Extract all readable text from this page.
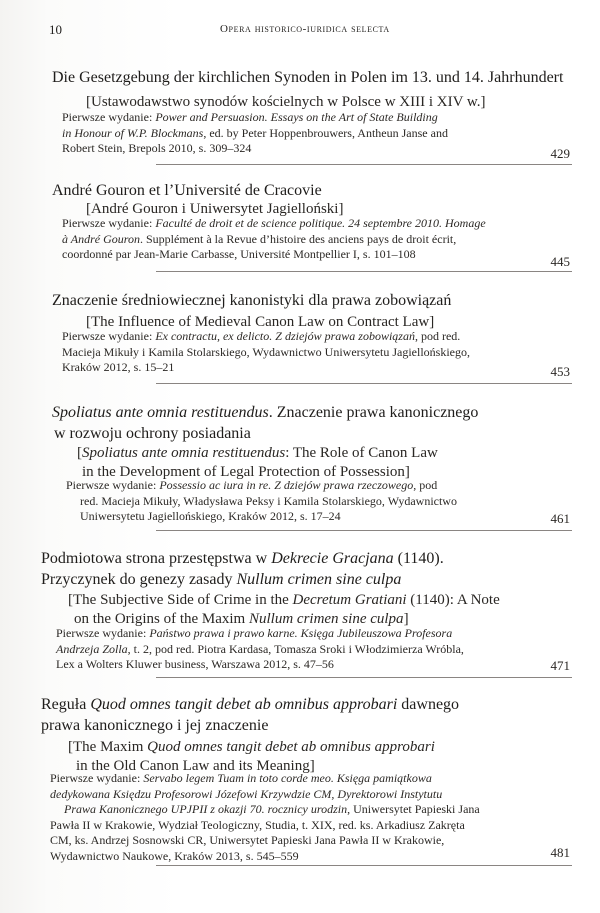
10	Opera historico-iuridica selecta
Die Gesetzgebung der kirchlichen Synoden in Polen im 13. und 14. Jahrhundert
[Ustawodawstwo synodów kościelnych w Polsce w XIII i XIV w.]
Pierwsze wydanie: Power and Persuasion. Essays on the Art of State Building
in Honour of W.P. Blockmans, ed. by Peter Hoppenbrouwers, Antheun Janse and
Robert Stein, Brepols 2010, s. 309–324	429
André Gouron et l’Université de Cracovie
[André Gouron i Uniwersytet Jagielloński]
Pierwsze wydanie: Faculté de droit et de science politique. 24 septembre 2010. Homage
à André Gouron. Supplément à la Revue d’histoire des anciens pays de droit écrit,
coordonné par Jean-Marie Carbasse, Université Montpellier I, s. 101–108	445
Znaczenie średniowiecznej kanonistyki dla prawa zobowiązań
[The Influence of Medieval Canon Law on Contract Law]
Pierwsze wydanie: Ex contractu, ex delicto. Z dziejów prawa zobowiązań, pod red.
Macieja Mikuły i Kamila Stolarskiego, Wydawnictwo Uniwersytetu Jagiellońskiego,
Kraków 2012, s. 15–21	453
Spoliatus ante omnia restituendus. Znaczenie prawa kanonicznego
w rozwoju ochrony posiadania
[Spoliatus ante omnia restituendus: The Role of Canon Law
in the Development of Legal Protection of Possession]
Pierwsze wydanie: Possessio ac iura in re. Z dziejów prawa rzeczowego, pod
red. Macieja Mikuły, Władysława Peksy i Kamila Stolarskiego, Wydawnictwo
Uniwersytetu Jagiellońskiego, Kraków 2012, s. 17–24	461
Podmiotowa strona przestępstwa w Dekrecie Gracjana (1140).
Przyczynek do genezy zasady Nullum crimen sine culpa
[The Subjective Side of Crime in the Decretum Gratiani (1140): A Note
on the Origins of the Maxim Nullum crimen sine culpa]
Pierwsze wydanie: Państwo prawa i prawo karne. Księga Jubileuszowa Profesora
Andrzeja Zolla, t. 2, pod red. Piotra Kardasa, Tomasza Sroki i Włodzimierza Wróbla,
Lex a Wolters Kluwer business, Warszawa 2012, s. 47–56	471
Reguła Quod omnes tangit debet ab omnibus approbari dawnego
prawa kanonicznego i jej znaczenie
[The Maxim Quod omnes tangit debet ab omnibus approbari
in the Old Canon Law and its Meaning]
Pierwsze wydanie: Servabo legem Tuam in toto corde meo. Księga pamiątkowa
dedykowana Księdzu Profesorowi Józefowi Krzywdzie CM, Dyrektorowi Instytutu
Prawa Kanonicznego UPJPII z okazji 70. rocznicy urodzin, Uniwersytet Papieski Jana
Pawła II w Krakowie, Wydział Teologiczny, Studia, t. XIX, red. ks. Arkadiusz Zakręta
CM, ks. Andrzej Sosnowski CR, Uniwersytet Papieski Jana Pawła II w Krakowie,
Wydawnictwo Naukowe, Kraków 2013, s. 545–559	481
